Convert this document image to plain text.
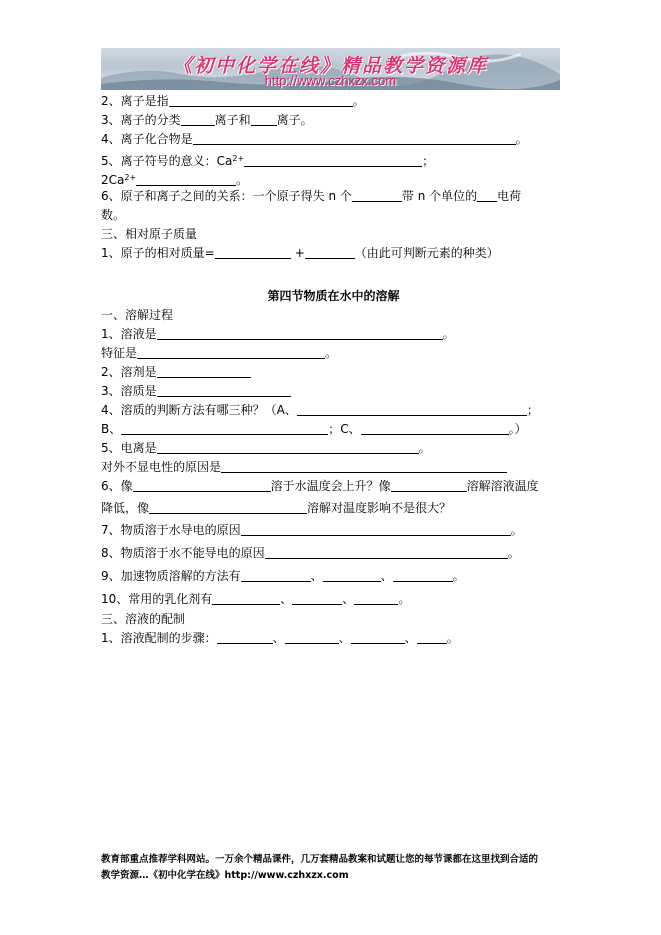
《初中化学在线》精品教学资源库
http://www.czhxzx.com
2、离子是指	。
3、离子的分类	离子和 离子。
4、离子化合物是	。
5、离子符号的意义：$Ca^{2+}$	；
$2Ca^{2+}$	。
6、原子和离子之间的关系：一个原子得失 n 个	带 n 个单位的 电荷
数。
三、相对原子质量
1、原子的相对质量=	+	（由此可判断元素的种类）
第四节物质在水中的溶解
一、溶解过程
1、溶液是	。
特征是	。
2、溶剂是
3、溶质是
4、溶质的判断方法有哪三种？（A、	；
B、	；C、	。）
5、电离是	。
对外不显电性的原因是
6、像	溶于水温度会上升？像	溶解溶液温度
降低，像	溶解对温度影响不是很大？
7、物质溶于水导电的原因	。
8、物质溶于水不能导电的原因	。
9、加速物质溶解的方法有	、	、	。
10、常用的乳化剂有	、	、	。
三、溶液的配制
1、溶液配制的步骤：	、	、	、	。
教育部重点推荐学科网站。一万余个精品课件，几万套精品教案和试题让您的每节课都在这里找到合适的
教学资源…《初中化学在线》http://www.czhxzx.com
